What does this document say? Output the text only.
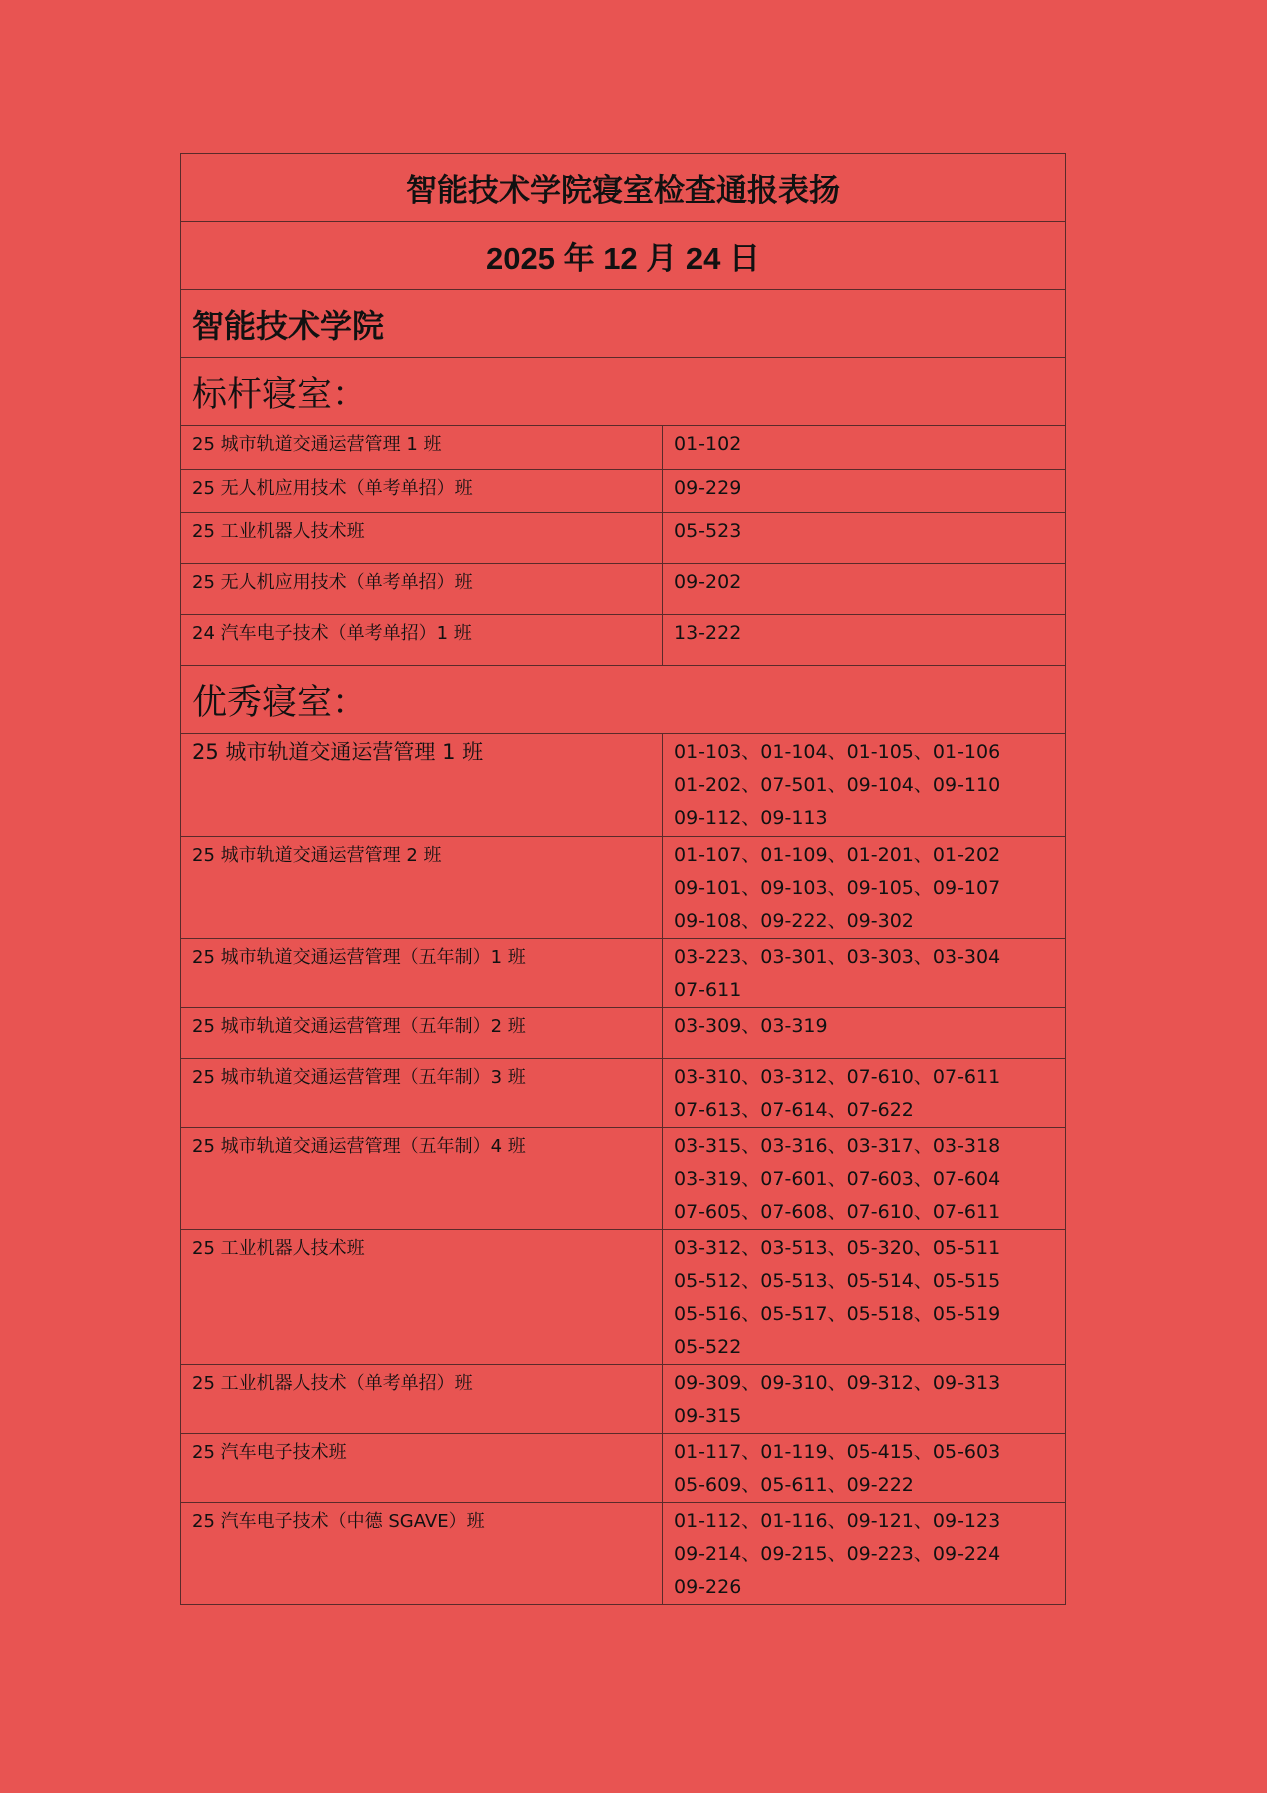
智能技术学院寝室检查通报表扬	
2025 年 12 月 24 日	
智能技术学院	
标杆寝室：	
25 城市轨道交通运营管理 1 班	01-102

25 无人机应用技术（单考单招）班	09-229

25 工业机器人技术班	05-523

25 无人机应用技术（单考单招）班	09-202

24 汽车电子技术（单考单招）1 班	13-222

优秀寝室：	
25 城市轨道交通运营管理 1 班	01-103、01-104、01-105、01-106
01-202、07-501、09-104、09-110
09-112、09-113

25 城市轨道交通运营管理 2 班	01-107、01-109、01-201、01-202
09-101、09-103、09-105、09-107
09-108、09-222、09-302

25 城市轨道交通运营管理（五年制）1 班	03-223、03-301、03-303、03-304
07-611

25 城市轨道交通运营管理（五年制）2 班	03-309、03-319

25 城市轨道交通运营管理（五年制）3 班	03-310、03-312、07-610、07-611
07-613、07-614、07-622

25 城市轨道交通运营管理（五年制）4 班	03-315、03-316、03-317、03-318
03-319、07-601、07-603、07-604
07-605、07-608、07-610、07-611

25 工业机器人技术班	03-312、03-513、05-320、05-511
05-512、05-513、05-514、05-515
05-516、05-517、05-518、05-519
05-522

25 工业机器人技术（单考单招）班	09-309、09-310、09-312、09-313
09-315

25 汽车电子技术班	01-117、01-119、05-415、05-603
05-609、05-611、09-222

25 汽车电子技术（中德 SGAVE）班	01-112、01-116、09-121、09-123
09-214、09-215、09-223、09-224
09-226
